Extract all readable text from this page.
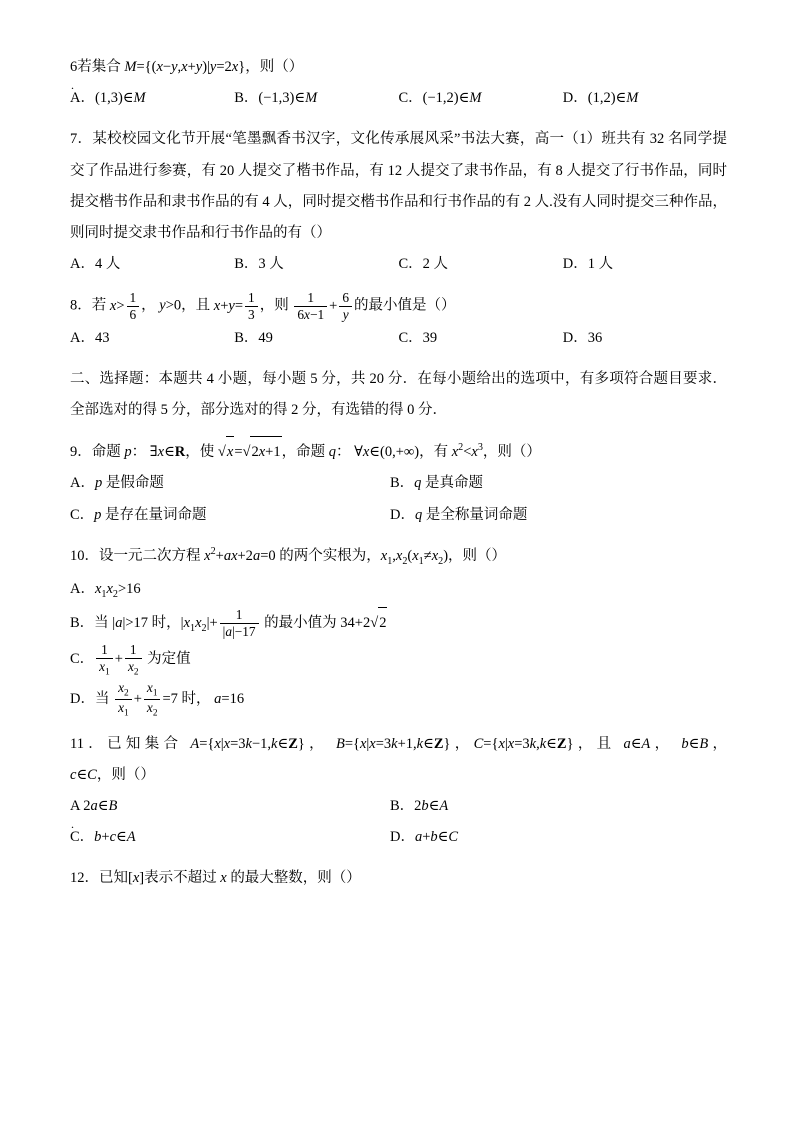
6若集合 M={(x−y,x+y)|y=2x}，则（）

.
A．(1,3)∈M	B．(−1,3)∈M	C．(−1,2)∈M	D．(1,2)∈M

7．某校校园文化节开展“笔墨飘香书汉字，文化传承展风采”书法大赛，高一（1）班共有 32 名同学提交了作品进行参赛，有 20 人提交了楷书作品，有 12 人提交了隶书作品，有 8 人提交了行书作品，同时提交楷书作品和隶书作品的有 4 人，同时提交楷书作品和行书作品的有 2 人.没有人同时提交三种作品，则同时提交隶书作品和行书作品的有（）

A．4 人	B．3 人	C．2 人	D．1 人

8．若 $x> \frac{1}{6}$ ， y>0，且 $x+y= \frac{1}{3}$ ，则 $\frac{1}{6x-1} + \frac{6}{y}$ 的最小值是（）

A．43	B．49	C．39	D．36

二、选择题：本题共 4 小题，每小题 5 分，共 20 分．在每小题给出的选项中，有多项符合题目要求．全部选对的得 5 分，部分选对的得 2 分，有选错的得 0 分．

9．命题 p： ∃x∈R，使 √x=√2x+1，命题 q： ∀x∈(0,+∞)，有 $x^2<x^3$，则（）

A．p 是假命题	B．q 是真命题
C．p 是存在量词命题	D．q 是全称量词命题

10．设一元二次方程 $x^2+ax+2a=0$ 的两个实根为，$x_1,x_2(x_1\ne x_2)$，则（）

A．$x_1x_2>16$

B．当 |a|>17 时，$|x_1x_2|+ \frac{1}{|a|-17}$ 的最小值为 34+2√2

C． $\frac{1}{x_1} + \frac{1}{x_2}$ 为定值

D．当 $\frac{x_2}{x_1} + \frac{x_1}{x_2} =7$ 时， a=16

11．已知集合 A={x|x=3k−1,k∈Z}， B={x|x=3k+1,k∈Z}，C={x|x=3k,k∈Z}，且 a∈A， b∈B， c∈C，则（）

A 2a∈B	B．2b∈A
C．b+c∈A	D．a+b∈C
.

12．已知[x]表示不超过 x 的最大整数，则（）
